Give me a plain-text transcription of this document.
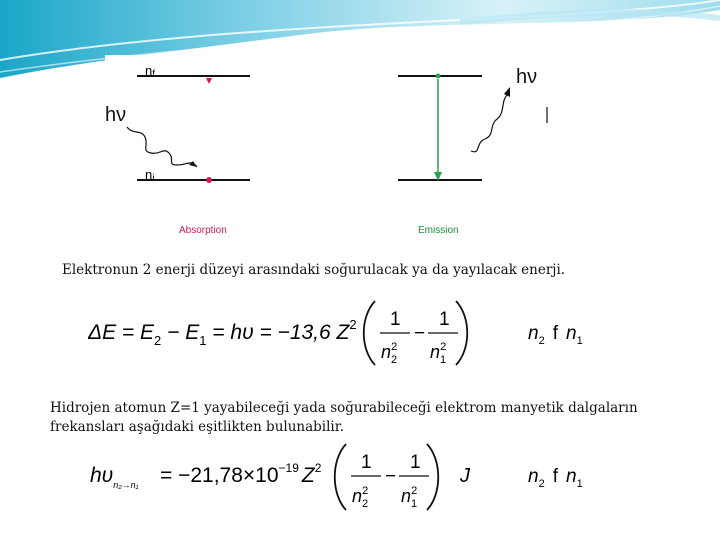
nf
ni
hν
Absorption
hν
Emission
Elektronun 2 enerji düzeyi arasındaki soğurulacak ya da yayılacak enerji.
$\Delta E = E_2 - E_1 = h\upsilon = -13,6$ $Z^2$ 1 1
−
$n_22$ $n_12$
$n_2$ f $n_1$
Hidrojen atomun Z=1 yayabileceği yada soğurabileceği elektrom manyetik dalgaların frekansları aşağıdaki eşitlikten bulunabilir.
$h\upsilon_{n_2\to n_1} = -21,78\times 10^{-19}$ $Z^2$ 1 1
−
$n_22$ $n_12$
J	$n_2$ f $n_1$
